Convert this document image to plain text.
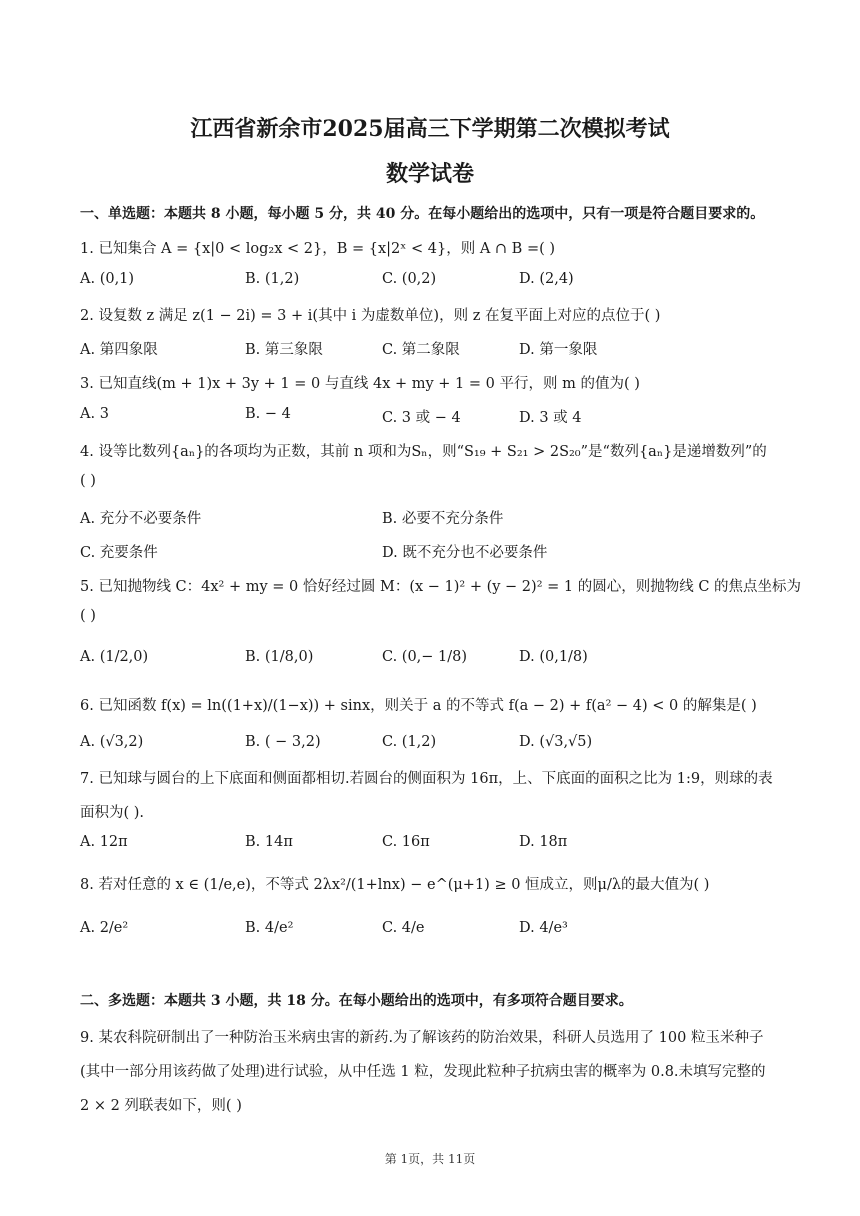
江西省新余市2025届高三下学期第二次模拟考试
数学试卷
一、单选题：本题共 8 小题，每小题 5 分，共 40 分。在每小题给出的选项中，只有一项是符合题目要求的。
1. 已知集合 A = {x|0 < log₂x < 2}，B = {x|2ˣ < 4}，则 A ∩ B =( )
A. (0,1)	B. (1,2)	C. (0,2)	D. (2,4)
2. 设复数 z 满足 z(1 − 2i) = 3 + i(其中 i 为虚数单位)，则 z 在复平面上对应的点位于( )
A. 第四象限	B. 第三象限	C. 第二象限	D. 第一象限
3. 已知直线(m + 1)x + 3y + 1 = 0 与直线 4x + my + 1 = 0 平行，则 m 的值为( )
A. 3	B. − 4	C. 3 或 − 4	D. 3 或 4
4. 设等比数列{aₙ}的各项均为正数，其前 n 项和为Sₙ，则“S₁₉ + S₂₁ > 2S₂₀”是“数列{aₙ}是递增数列”的
( )
A. 充分不必要条件	B. 必要不充分条件
C. 充要条件	D. 既不充分也不必要条件
5. 已知抛物线 C：4x² + my = 0 恰好经过圆 M：(x − 1)² + (y − 2)² = 1 的圆心，则抛物线 C 的焦点坐标为
( )
A. (1/2,0)	B. (1/8,0)	C. (0,− 1/8)	D. (0,1/8)
6. 已知函数 f(x) = ln((1+x)/(1−x)) + sinx，则关于 a 的不等式 f(a − 2) + f(a² − 4) < 0 的解集是( )
A. (√3,2)	B. ( − 3,2)	C. (1,2)	D. (√3,√5)
7. 已知球与圆台的上下底面和侧面都相切.若圆台的侧面积为 16π，上、下底面的面积之比为 1:9，则球的表
面积为( ).
A. 12π	B. 14π	C. 16π	D. 18π
8. 若对任意的 x ∈ (1/e,e)，不等式 2λx²/(1+lnx) − e^(μ+1) ≥ 0 恒成立，则μ/λ的最大值为( )
A. 2/e²	B. 4/e²	C. 4/e	D. 4/e³
二、多选题：本题共 3 小题，共 18 分。在每小题给出的选项中，有多项符合题目要求。
9. 某农科院研制出了一种防治玉米病虫害的新药.为了解该药的防治效果，科研人员选用了 100 粒玉米种子
(其中一部分用该药做了处理)进行试验，从中任选 1 粒，发现此粒种子抗病虫害的概率为 0.8.未填写完整的
2 × 2 列联表如下，则( )
第 1页，共 11页
